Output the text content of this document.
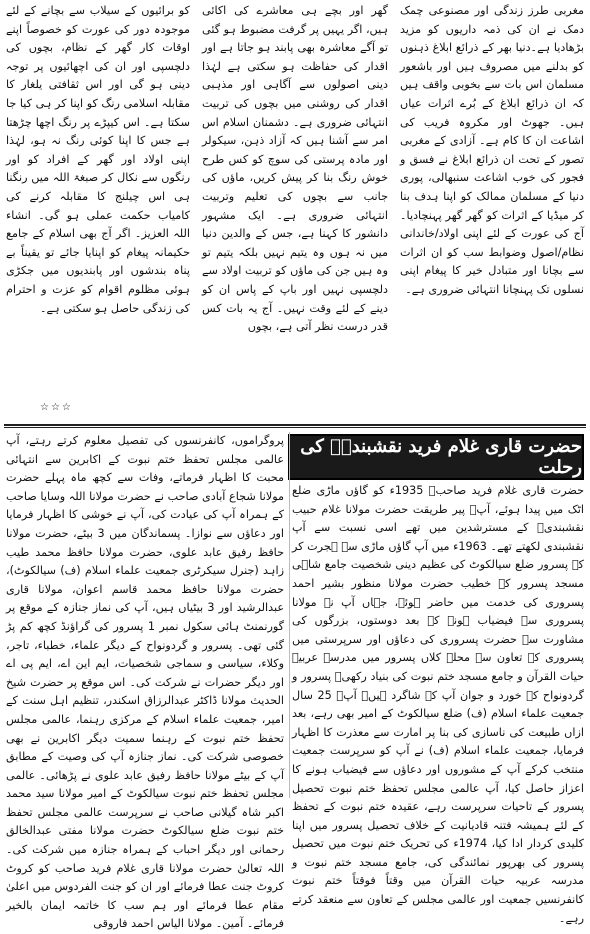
مغربی طرز زندگی اور مصنوعی چمک دمک نے ان کی ذمہ داریوں کو مزید بڑھادیا ہے۔دنیا بھر کے ذرائع ابلاغ ذہنوں کو بدلنے میں مصروف ہیں اور باشعور مسلمان اس بات سے بخوبی واقف ہیں کہ ان ذرائع ابلاغ کے بُرے اثرات عیاں ہیں۔ جھوٹ اور مکروہ فریب کی اشاعت ان کا کام ہے۔ آزادی کے مغربی تصور کے تحت ان ذرائع ابلاغ نے فسق و فجور کی خوب اشاعت سنبھالی، پوری دنیا کے مسلمان ممالک کو اپنا ہدف بنا کر میڈیا کے اثرات کو گھر گھر پہنچادیا۔ آج کی عورت کے لئے اپنی اولاد/خاندانی نظام/اصول وضوابط سب کو ان اثرات سے بچانا اور متبادل خیر کا پیغام اپنی نسلوں تک پہنچانا انتہائی ضروری ہے۔

گھر اور بچے ہی معاشرے کی اکائی ہیں، اگر یہیں پر گرفت مضبوط ہو گئی تو آگے معاشرہ بھی پابند ہو جاتا ہے اور اقدار کی حفاظت ہو سکتی ہے لہٰذا دینی اصولوں سے آگاہی اور مذہبی اقدار کی روشنی میں بچوں کی تربیت انتہائی ضروری ہے۔ دشمنان اسلام اس امر سے آشنا ہیں کہ آزاد ذہن، سیکولر اور مادہ پرستی کی سوچ کو کس طرح خوش رنگ بنا کر پیش کریں، ماؤں کی جانب سے بچوں کی تعلیم وتربیت انتہائی ضروری ہے۔ ایک مشہور دانشور کا کہنا ہے، جس کے والدین دنیا میں نہ ہوں وہ یتیم نہیں بلکہ یتیم تو وہ ہیں جن کی ماؤں کو تربیت اولاد سے دلچسپی نہیں اور باپ کے پاس ان کو دینے کے لئے وقت نہیں۔ آج یہ بات کس قدر درست نظر آتی ہے، بچوں

کو برائیوں کے سیلاب سے بچانے کے لئے موجودہ دور کی عورت کو خصوصاً اپنے اوقات کار گھر کے نظام، بچوں کی دلچسپی اور ان کی اچھائیوں پر توجہ دینی ہو گی اور اس ثقافتی یلغار کا مقابلہ اسلامی رنگ کو اپنا کر ہی کیا جا سکتا ہے۔ اس کیپڑے پر رنگ اچھا چڑھتا ہے جس کا اپنا کوئی رنگ نہ ہو، لہٰذا اپنی اولاد اور گھر کے افراد کو اور رنگوں سے نکال کر صبغۃ اللہ میں رنگنا ہی اس چیلنج کا مقابلہ کرنے کی کامیاب حکمت عملی ہو گی۔ انشاء اللہ العزیز۔ اگر آج بھی اسلام کے جامع حکیمانہ پیغام کو اپنایا جائے تو یقیناً بے پناہ بندشوں اور پابندیوں میں جکڑی ہوئی مظلوم اقوام کو عزت و احترام کی زندگی حاصل ہو سکتی ہے۔

☆☆☆
حضرت قاری غلام فرید نقشبندیؒ کی رحلت

حضرت قاری غلام فرید صاحبؒ 1935ء کو گاؤں ماڑی ضلع اٹک میں پیدا ہوئے، آپؒ پیر طریقت حضرت مولانا غلام حبیب نقشبندیؒ کے مسترشدین میں تھے اسی نسبت سے آپ نقشبندی لکھتے تھے۔ 1963ء میں آپ گاؤں ماڑی سے ہجرت کر کے پسرور ضلع سیالکوٹ کی عظیم دینی شخصیت جامع شاہی مسجد پسرور کے خطیب حضرت مولانا منظور بشیر احمد پسروری کی خدمت میں حاضر ہوئے، جہاں آپ نے مولانا پسروری سے فیضیاب ہونے کے بعد دوستوں، بزرگوں کی مشاورت سے حضرت پسروری کی دعاؤں اور سرپرستی میں پسروری کے تعاون سے محلہ کلاں پسرور میں مدرسہ عربیہ حیات القرآن و جامع مسجد ختم نبوت کی بنیاد رکھی۔ پسرور و گردونواح کے خورد و جوان آپ کے شاگرد ہیں۔ آپؒ 25 سال جمعیت علماء اسلام (ف) ضلع سیالکوٹ کے امیر بھی رہے، بعد ازاں طبیعت کی ناسازی کی بنا پر امارت سے معذرت کا اظہار فرمایا، جمعیت علماء اسلام (ف) نے آپ کو سرپرست جمعیت منتخب کرکے آپ کے مشوروں اور دعاؤں سے فیضیاب ہونے کا اعزاز حاصل کیا، آپ عالمی مجلس تحفظ ختم نبوت تحصیل پسرور کے تاحیات سرپرست رہے، عقیدہ ختم نبوت کے تحفظ کے لئے ہمیشہ فتنہ قادیانیت کے خلاف تحصیل پسرور میں اپنا کلیدی کردار ادا کیا، 1974ء کی تحریک ختم نبوت میں تحصیل پسرور کی بھرپور نمائندگی کی، جامع مسجد ختم نبوت و مدرسہ عربیہ حیات القرآن میں وقتاً فوقتاً ختم نبوت کانفرنسیں جمعیت اور عالمی مجلس کے تعاون سے منعقد کرتے رہے۔

پروگراموں، کانفرنسوں کی تفصیل معلوم کرتے رہتے، آپ عالمی مجلس تحفظ ختم نبوت کے اکابرین سے انتہائی محبت کا اظہار فرماتے، وفات سے کچھ ماہ پہلے حضرت مولانا شجاع آبادی صاحب نے حضرت مولانا اللہ وسایا صاحب کے ہمراہ آپ کی عیادت کی، آپ نے خوشی کا اظہار فرمایا اور دعاؤں سے نوازا۔ پسماندگان میں 3 بیٹے، حضرت مولانا حافظ رفیق عابد علوی، حضرت مولانا حافظ محمد طیب زاہد (جنرل سیکرٹری جمعیت علماء اسلام (ف) سیالکوٹ)، حضرت مولانا حافظ محمد قاسم اعوان، مولانا قاری عبدالرشید اور 3 بیٹیاں ہیں، آپ کی نماز جنازہ کے موقع پر گورنمنٹ ہائی سکول نمبر 1 پسرور کی گراؤنڈ کچھ کم پڑ گئی تھی۔ پسرور و گردونواح کے دیگر علماء، خطباء، تاجر، وکلاء، سیاسی و سماجی شخصیات، ایم این اے، ایم پی اے اور دیگر حضرات نے شرکت کی۔ اس موقع پر حضرت شیخ الحدیث مولانا ڈاکٹر عبدالرزاق اسکندر، تنظیم اہل سنت کے امیر، جمعیت علماء اسلام کے مرکزی رہنما، عالمی مجلس تحفظ ختم نبوت کے رہنما سمیت دیگر اکابرین نے بھی خصوصی شرکت کی۔ نماز جنازہ آپ کی وصیت کے مطابق آپ کے بیٹے مولانا حافظ رفیق عابد علوی نے پڑھائی۔ عالمی مجلس تحفظ ختم نبوت سیالکوٹ کے امیر مولانا سید محمد اکبر شاہ گیلانی صاحب نے سرپرست عالمی مجلس تحفظ ختم نبوت ضلع سیالکوٹ حضرت مولانا مفتی عبدالخالق رحمانی اور دیگر احباب کے ہمراہ جنازہ میں شرکت کی۔ اللہ تعالیٰ حضرت مولانا قاری غلام فرید صاحب کو کروٹ کروٹ جنت عطا فرمائے اور ان کو جنت الفردوس میں اعلیٰ مقام عطا فرمائے اور ہم سب کا خاتمہ ایمان بالخیر فرمائے۔ آمین۔ مولانا الیاس احمد فاروقی
